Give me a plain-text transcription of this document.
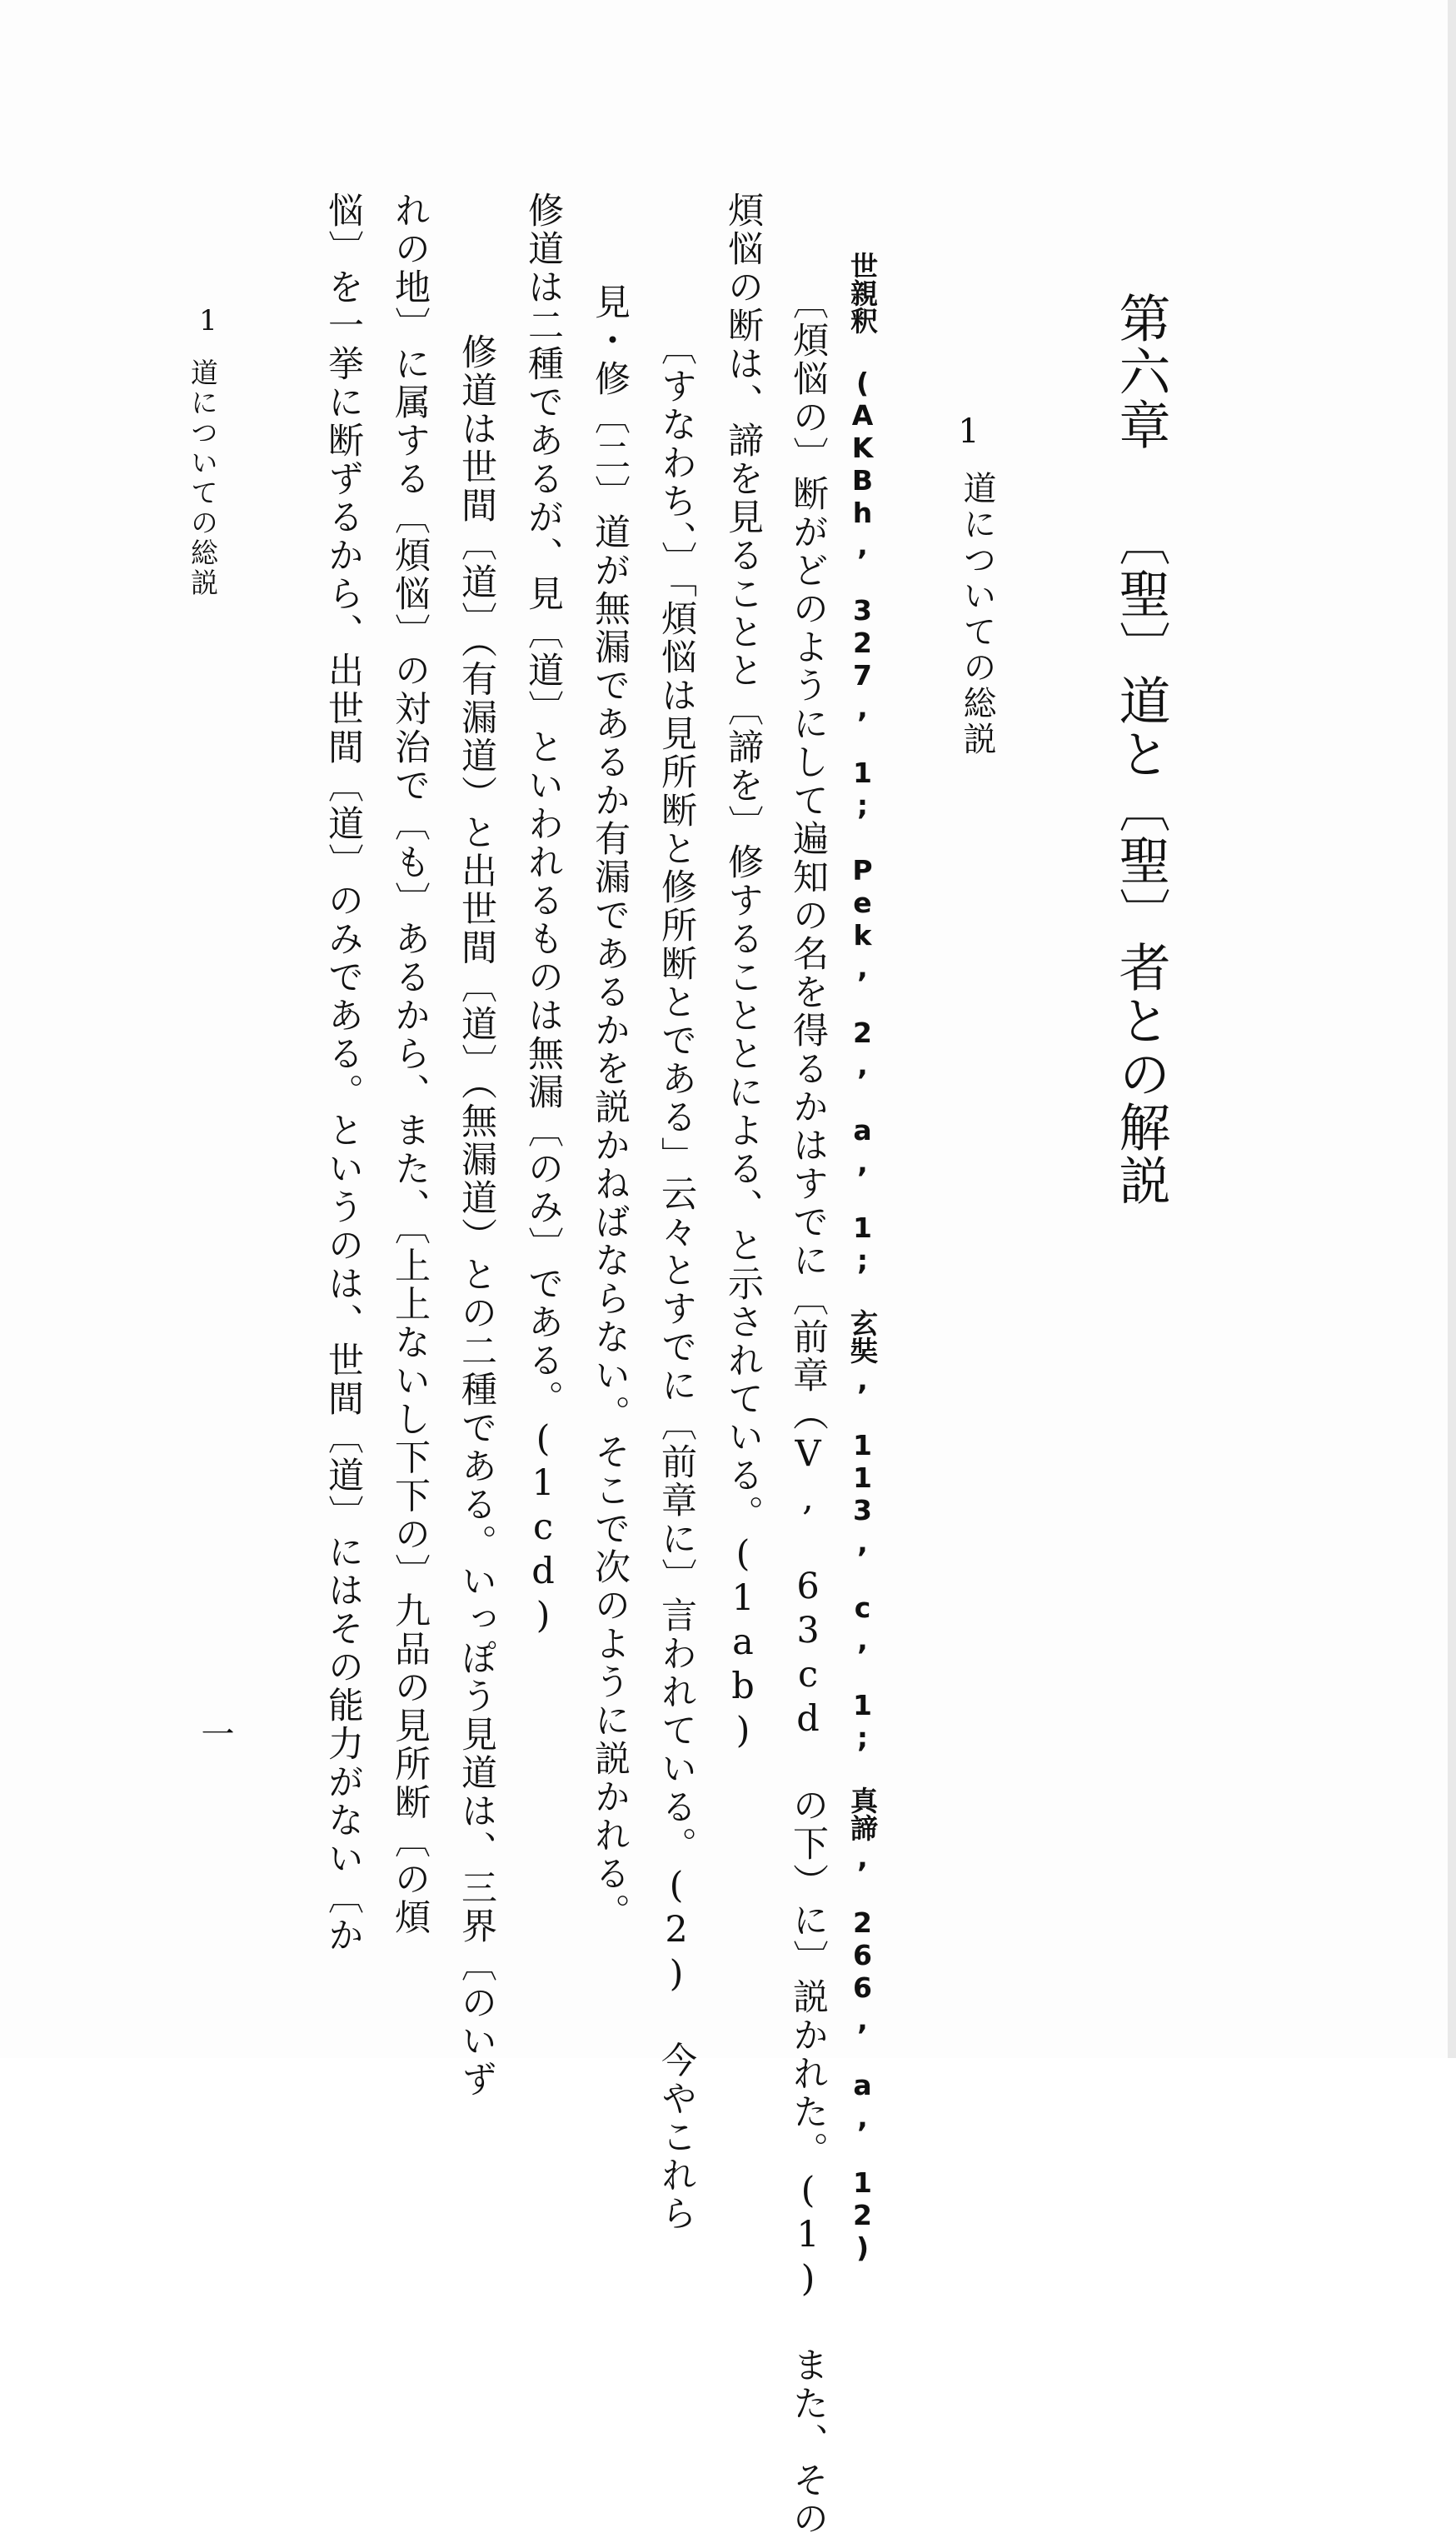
第六章 〔聖〕道と〔聖〕者との解説
1
道についての総説
世親釈 (AKBh, 327, 1; Pek, 2, a, 1; 玄奘, 113, c, 1; 真諦, 266, a, 12)
〔煩悩の〕断がどのようにして遍知の名を得るかはすでに〔前章（V, 63cd の下）に〕説かれた。(1) また、その
煩悩の断は、諦を見ることと〔諦を〕修することとによる、と示されている。(1ab)
〔すなわち、〕「煩悩は見所断と修所断とである」云々とすでに〔前章に〕言われている。(2) 今やこれら
見・修〔二〕道が無漏であるか有漏であるかを説かねばならない。そこで次のように説かれる。
修道は二種であるが、見〔道〕といわれるものは無漏〔のみ〕である。(1cd)
修道は世間〔道〕（有漏道）と出世間〔道〕（無漏道）との二種である。いっぽう見道は、三界〔のいず
れの地〕に属する〔煩悩〕の対治で〔も〕あるから、また、〔上上ないし下下の〕九品の見所断〔の煩
悩〕を一挙に断ずるから、出世間〔道〕のみである。というのは、世間〔道〕にはその能力がない〔か
1
道についての総説
一
